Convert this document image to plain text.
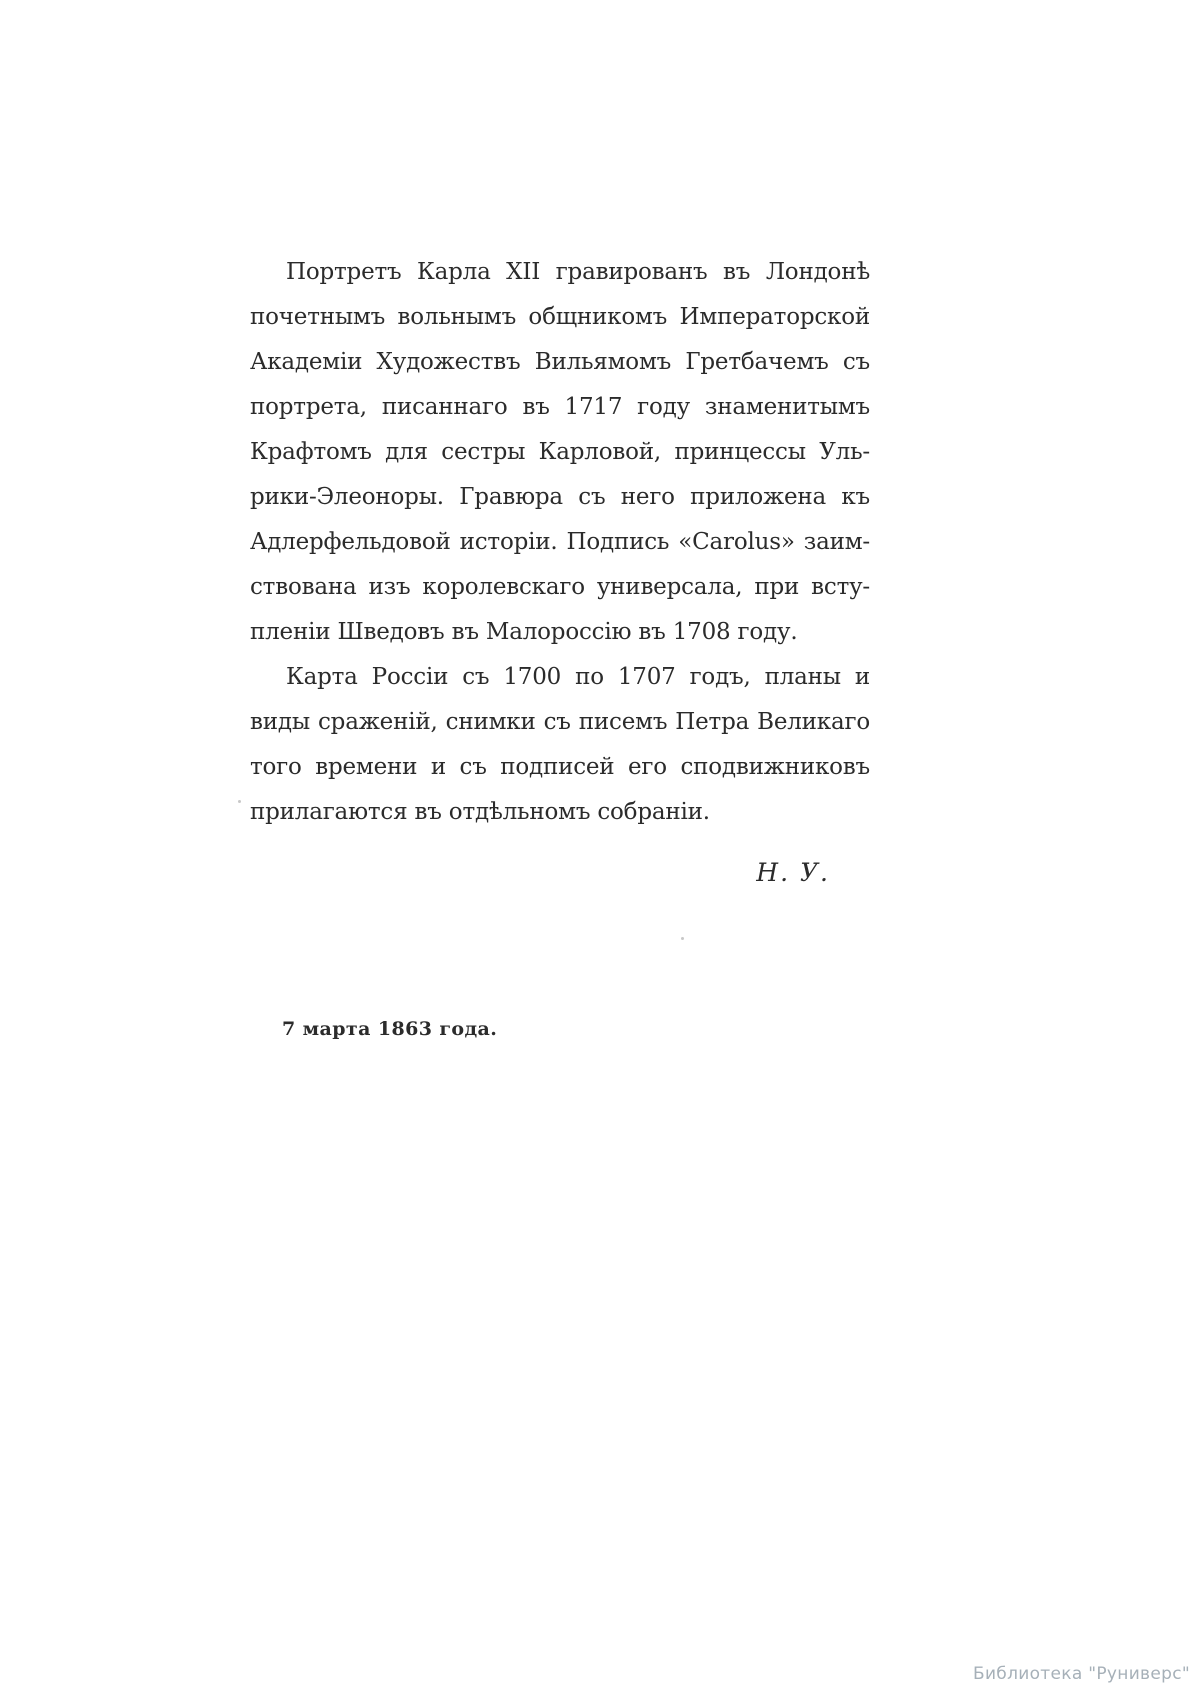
Портретъ Карла XII гравированъ въ Лондонѣ
почетнымъ вольнымъ общникомъ Императорской
Академіи Художествъ Вильямомъ Гретбачемъ съ
портрета, писаннаго въ 1717 году знаменитымъ
Крафтомъ для сестры Карловой, принцессы Уль-
рики-Элеоноры. Гравюра съ него приложена къ
Адлерфельдовой исторіи. Подпись «Carolus» заим-
ствована изъ королевскаго универсала, при всту-
пленіи Шведовъ въ Малороссію въ 1708 году.
Карта Россіи съ 1700 по 1707 годъ, планы и
виды сраженій, снимки съ писемъ Петра Великаго
того времени и съ подписей его сподвижниковъ
прилагаются въ отдѣльномъ собраніи.
Н. У.
7 марта 1863 года.
Библиотека "Руниверс"
